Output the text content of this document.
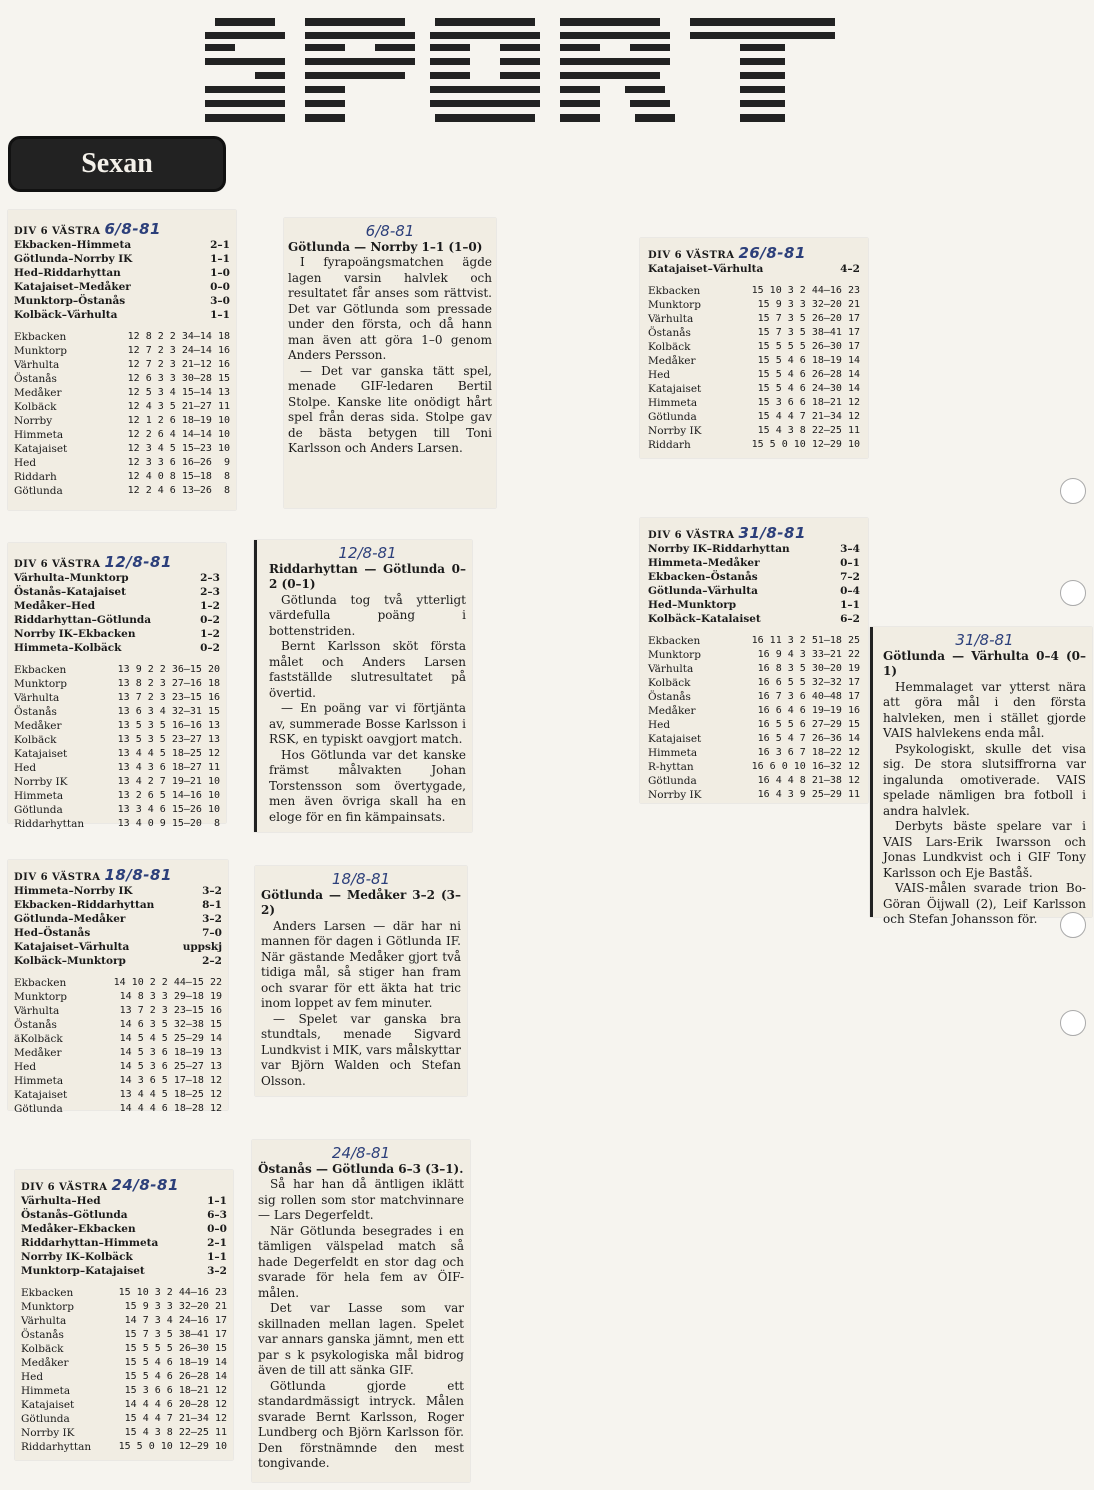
SPORT
Sexan
DIV 6 VÄSTRA 6/8-81
Ekbacken–Himmeta	2–1
Götlunda–Norrby IK	1–1
Hed–Riddarhyttan	1–0
Katajaiset–Medåker	0–0
Munktorp–Östanås	3–0
Kolbäck–Värhulta	1–1
Ekbacken	12 8 2 2 34–14 18
Munktorp	12 7 2 3 24–14 16
Värhulta	12 7 2 3 21–12 16
Östanås	12 6 3 3 30–28 15
Medåker	12 5 3 4 15–14 13
Kolbäck	12 4 3 5 21–27 11
Norrby	12 1 2 6 18–19 10
Himmeta	12 2 6 4 14–14 10
Katajaiset	12 3 4 5 15–23 10
Hed	12 3 3 6 16–26  9
Riddarh	12 4 0 8 15–18  8
Götlunda	12 2 4 6 13–26  8
DIV 6 VÄSTRA 12/8-81
Värhulta–Munktorp	2–3
Östanås–Katajaiset	2–3
Medåker–Hed	1–2
Riddarhyttan–Götlunda	0–2
Norrby IK–Ekbacken	1–2
Himmeta–Kolbäck	0–2
Ekbacken	13 9 2 2 36–15 20
Munktorp	13 8 2 3 27–16 18
Värhulta	13 7 2 3 23–15 16
Östanås	13 6 3 4 32–31 15
Medåker	13 5 3 5 16–16 13
Kolbäck	13 5 3 5 23–27 13
Katajaiset	13 4 4 5 18–25 12
Hed	13 4 3 6 18–27 11
Norrby IK	13 4 2 7 19–21 10
Himmeta	13 2 6 5 14–16 10
Götlunda	13 3 4 6 15–26 10
Riddarhyttan	13 4 0 9 15–20  8
DIV 6 VÄSTRA 18/8-81
Himmeta–Norrby IK	3–2
Ekbacken–Riddarhyttan	8–1
Götlunda–Medåker	3–2
Hed–Östanås	7–0
Katajaiset–Värhulta	uppskj
Kolbäck–Munktorp	2–2
Ekbacken	14 10 2 2 44–15 22
Munktorp	14 8 3 3 29–18 19
Värhulta	13 7 2 3 23–15 16
Östanås	14 6 3 5 32–38 15
äKolbäck	14 5 4 5 25–29 14
Medåker	14 5 3 6 18–19 13
Hed	14 5 3 6 25–27 13
Himmeta	14 3 6 5 17–18 12
Katajaiset	13 4 4 5 18–25 12
Götlunda	14 4 4 6 18–28 12
DIV 6 VÄSTRA 24/8-81
Värhulta–Hed	1–1
Östanås–Götlunda	6–3
Medåker–Ekbacken	0–0
Riddarhyttan–Himmeta	2–1
Norrby IK–Kolbäck	1–1
Munktorp–Katajaiset	3–2
Ekbacken	15 10 3 2 44–16 23
Munktorp	15 9 3 3 32–20 21
Värhulta	14 7 3 4 24–16 17
Östanås	15 7 3 5 38–41 17
Kolbäck	15 5 5 5 26–30 15
Medåker	15 5 4 6 18–19 14
Hed	15 5 4 6 26–28 14
Himmeta	15 3 6 6 18–21 12
Katajaiset	14 4 4 6 20–28 12
Götlunda	15 4 4 7 21–34 12
Norrby IK	15 4 3 8 22–25 11
Riddarhyttan	15 5 0 10 12–29 10
DIV 6 VÄSTRA 26/8-81
Katajaiset–Värhulta	4–2
Ekbacken	15 10 3 2 44–16 23
Munktorp	15 9 3 3 32–20 21
Värhulta	15 7 3 5 26–20 17
Östanås	15 7 3 5 38–41 17
Kolbäck	15 5 5 5 26–30 17
Medåker	15 5 4 6 18–19 14
Hed	15 5 4 6 26–28 14
Katajaiset	15 5 4 6 24–30 14
Himmeta	15 3 6 6 18–21 12
Götlunda	15 4 4 7 21–34 12
Norrby IK	15 4 3 8 22–25 11
Riddarh	15 5 0 10 12–29 10
DIV 6 VÄSTRA 31/8-81
Norrby IK–Riddarhyttan	3–4
Himmeta–Medåker	0–1
Ekbacken–Östanås	7–2
Götlunda–Värhulta	0–4
Hed–Munktorp	1–1
Kolbäck–Katalaiset	6–2
Ekbacken	16 11 3 2 51–18 25
Munktorp	16 9 4 3 33–21 22
Värhulta	16 8 3 5 30–20 19
Kolbäck	16 6 5 5 32–32 17
Östanås	16 7 3 6 40–48 17
Medåker	16 6 4 6 19–19 16
Hed	16 5 5 6 27–29 15
Katajaiset	16 5 4 7 26–36 14
Himmeta	16 3 6 7 18–22 12
R-hyttan	16 6 0 10 16–32 12
Götlunda	16 4 4 8 21–38 12
Norrby IK	16 4 3 9 25–29 11
6/8-81

Götlunda — Norrby 1–1 (1–0)

I fyrapoängsmatchen ägde lagen varsin halvlek och resultatet får anses som rättvist. Det var Götlunda som pressade under den första, och då hann man även att göra 1–0 genom Anders Persson.

— Det var ganska tätt spel, menade GIF-ledaren Bertil Stolpe. Kanske lite onödigt hårt spel från deras sida. Stolpe gav de bästa betygen till Toni Karlsson och Anders Larsen.

12/8-81

Riddarhyttan — Götlunda 0–2 (0–1)

Götlunda tog två ytterligt värdefulla poäng i bottenstriden.

Bernt Karlsson sköt första målet och Anders Larsen fastställde slutresultatet på övertid.

— En poäng var vi förtjänta av, summerade Bosse Karlsson i RSK, en typiskt oavgjort match.

Hos Götlunda var det kanske främst målvakten Johan Torstensson som övertygade, men även övriga skall ha en eloge för en fin kämpainsats.

18/8-81

Götlunda — Medåker 3–2 (3–2)

Anders Larsen — där har ni mannen för dagen i Götlunda IF. När gästande Medåker gjort två tidiga mål, så stiger han fram och svarar för ett äkta hat tric inom loppet av fem minuter.

— Spelet var ganska bra stundtals, menade Sigvard Lundkvist i MIK, vars målskyttar var Björn Walden och Stefan Olsson.

24/8-81

Östanås — Götlunda 6–3 (3–1).

Så har han då äntligen iklätt sig rollen som stor matchvinnare — Lars Degerfeldt.

När Götlunda besegrades i en tämligen välspelad match så hade Degerfeldt en stor dag och svarade för hela fem av ÖIF-målen.

Det var Lasse som var skillnaden mellan lagen. Spelet var annars ganska jämnt, men ett par s k psykologiska mål bidrog även de till att sänka GIF.

Götlunda gjorde ett standardmässigt intryck. Målen svarade Bernt Karlsson, Roger Lundberg och Björn Karlsson för. Den förstnämnde den mest tongivande.

31/8-81

Götlunda — Värhulta 0–4 (0–1)

Hemmalaget var ytterst nära att göra mål i den första halvleken, men i stället gjorde VAIS halvlekens enda mål.

Psykologiskt, skulle det visa sig. De stora slutsiffrorna var ingalunda omotiverade. VAIS spelade nämligen bra fotboll i andra halvlek.

Derbyts bäste spelare var i VAIS Lars-Erik Iwarsson och Jonas Lundkvist och i GIF Tony Karlsson och Eje Baståš.

VAIS-målen svarade trion Bo-Göran Öijwall (2), Leif Karlsson och Stefan Johansson för.
